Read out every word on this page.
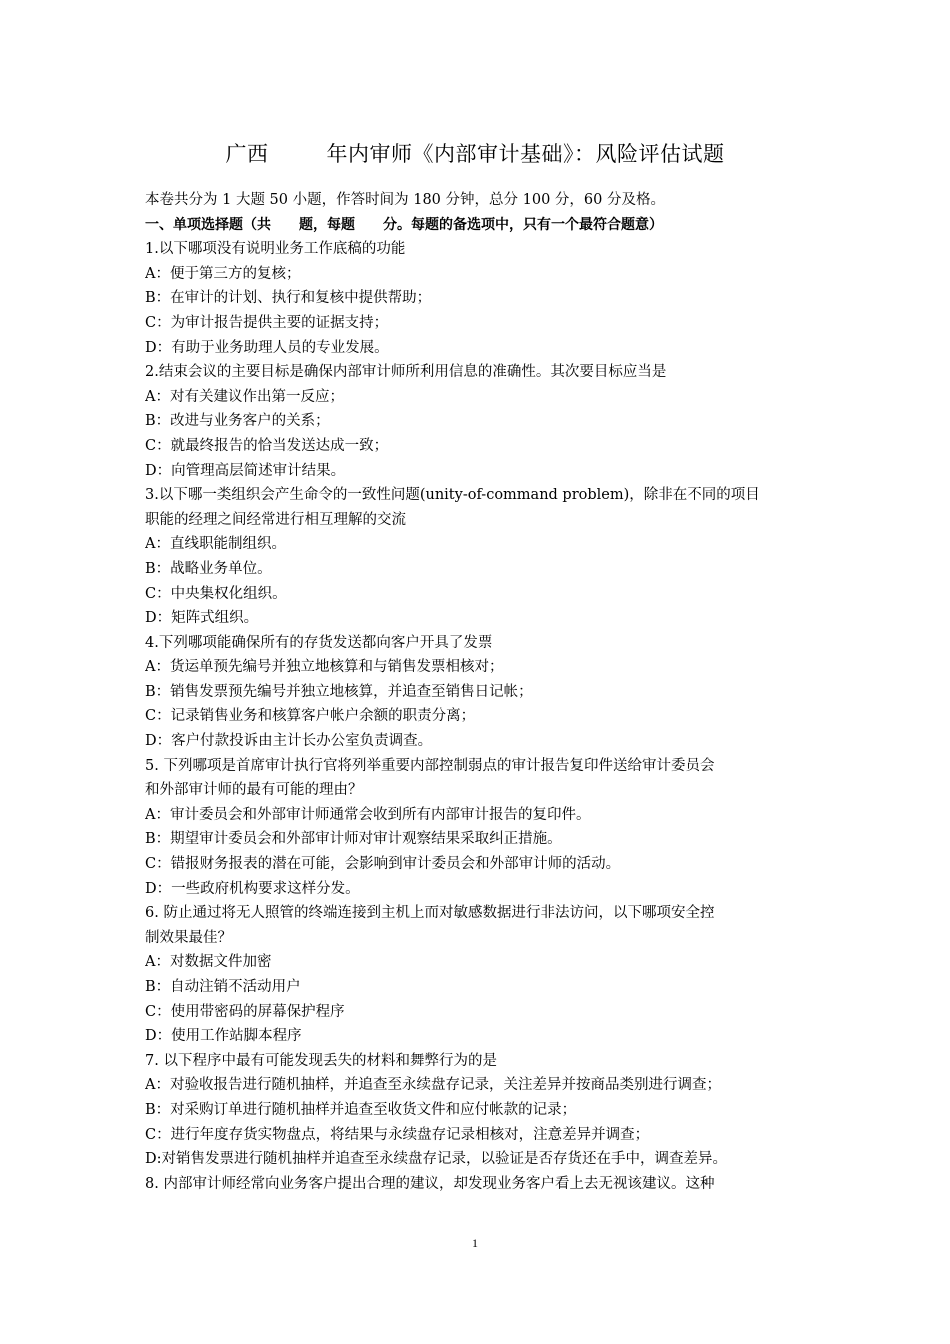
广西	年内审师《内部审计基础》：风险评估试题
本卷共分为 1 大题 50 小题，作答时间为 180 分钟，总分 100 分，60 分及格。
一、单项选择题（共 题，每题 分。每题的备选项中，只有一个最符合题意）
1.以下哪项没有说明业务工作底稿的功能
A：便于第三方的复核；
B：在审计的计划、执行和复核中提供帮助；
C：为审计报告提供主要的证据支持；
D：有助于业务助理人员的专业发展。
2.结束会议的主要目标是确保内部审计师所利用信息的准确性。其次要目标应当是
A：对有关建议作出第一反应；
B：改进与业务客户的关系；
C：就最终报告的恰当发送达成一致；
D：向管理高层简述审计结果。
3.以下哪一类组织会产生命令的一致性问题(unity-of-command problem)，除非在不同的项目
职能的经理之间经常进行相互理解的交流
A：直线职能制组织。
B：战略业务单位。
C：中央集权化组织。
D：矩阵式组织。
4.下列哪项能确保所有的存货发送都向客户开具了发票
A：货运单预先编号并独立地核算和与销售发票相核对；
B：销售发票预先编号并独立地核算，并追查至销售日记帐；
C：记录销售业务和核算客户帐户余额的职责分离；
D：客户付款投诉由主计长办公室负责调查。
5. 下列哪项是首席审计执行官将列举重要内部控制弱点的审计报告复印件送给审计委员会
和外部审计师的最有可能的理由？
A：审计委员会和外部审计师通常会收到所有内部审计报告的复印件。
B：期望审计委员会和外部审计师对审计观察结果采取纠正措施。
C：错报财务报表的潜在可能，会影响到审计委员会和外部审计师的活动。
D：一些政府机构要求这样分发。
6. 防止通过将无人照管的终端连接到主机上而对敏感数据进行非法访问，以下哪项安全控
制效果最佳？
A：对数据文件加密
B：自动注销不活动用户
C：使用带密码的屏幕保护程序
D：使用工作站脚本程序
7. 以下程序中最有可能发现丢失的材料和舞弊行为的是
A：对验收报告进行随机抽样，并追查至永续盘存记录，关注差异并按商品类别进行调查；
B：对采购订单进行随机抽样并追查至收货文件和应付帐款的记录；
C：进行年度存货实物盘点，将结果与永续盘存记录相核对，注意差异并调查；
D:对销售发票进行随机抽样并追查至永续盘存记录，以验证是否存货还在手中，调查差异。
8. 内部审计师经常向业务客户提出合理的建议，却发现业务客户看上去无视该建议。这种
1
